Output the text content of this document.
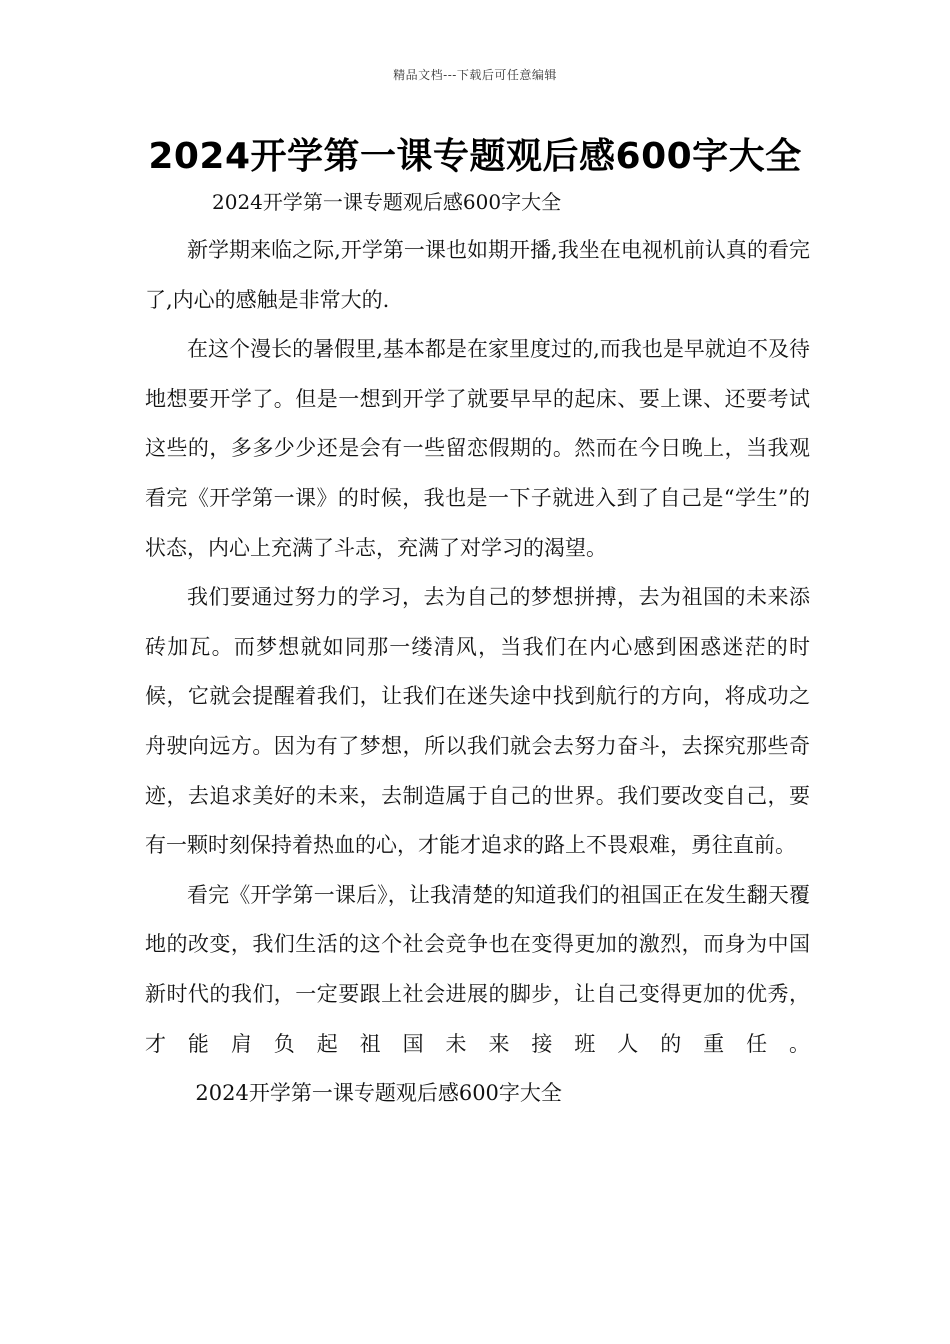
精品文档---下载后可任意编辑
2024开学第一课专题观后感600字大全
2024开学第一课专题观后感600字大全

新学期来临之际,开学第一课也如期开播,我坐在电视机前认真的看完了,内心的感触是非常大的.

在这个漫长的暑假里,基本都是在家里度过的,而我也是早就迫不及待地想要开学了。但是一想到开学了就要早早的起床、要上课、还要考试这些的，多多少少还是会有一些留恋假期的。然而在今日晚上，当我观看完《开学第一课》的时候，我也是一下子就进入到了自己是“学生”的状态，内心上充满了斗志，充满了对学习的渴望。

我们要通过努力的学习，去为自己的梦想拼搏，去为祖国的未来添砖加瓦。而梦想就如同那一缕清风，当我们在内心感到困惑迷茫的时候，它就会提醒着我们，让我们在迷失途中找到航行的方向，将成功之舟驶向远方。因为有了梦想，所以我们就会去努力奋斗，去探究那些奇迹，去追求美好的未来，去制造属于自己的世界。我们要改变自己，要有一颗时刻保持着热血的心，才能才追求的路上不畏艰难，勇往直前。

看完《开学第一课后》，让我清楚的知道我们的祖国正在发生翻天覆地的改变，我们生活的这个社会竞争也在变得更加的激烈，而身为中国新时代的我们，一定要跟上社会进展的脚步，让自己变得更加的优秀，才能肩负起祖国未来接班人的重任。2024开学第一课专题观后感600字大全
